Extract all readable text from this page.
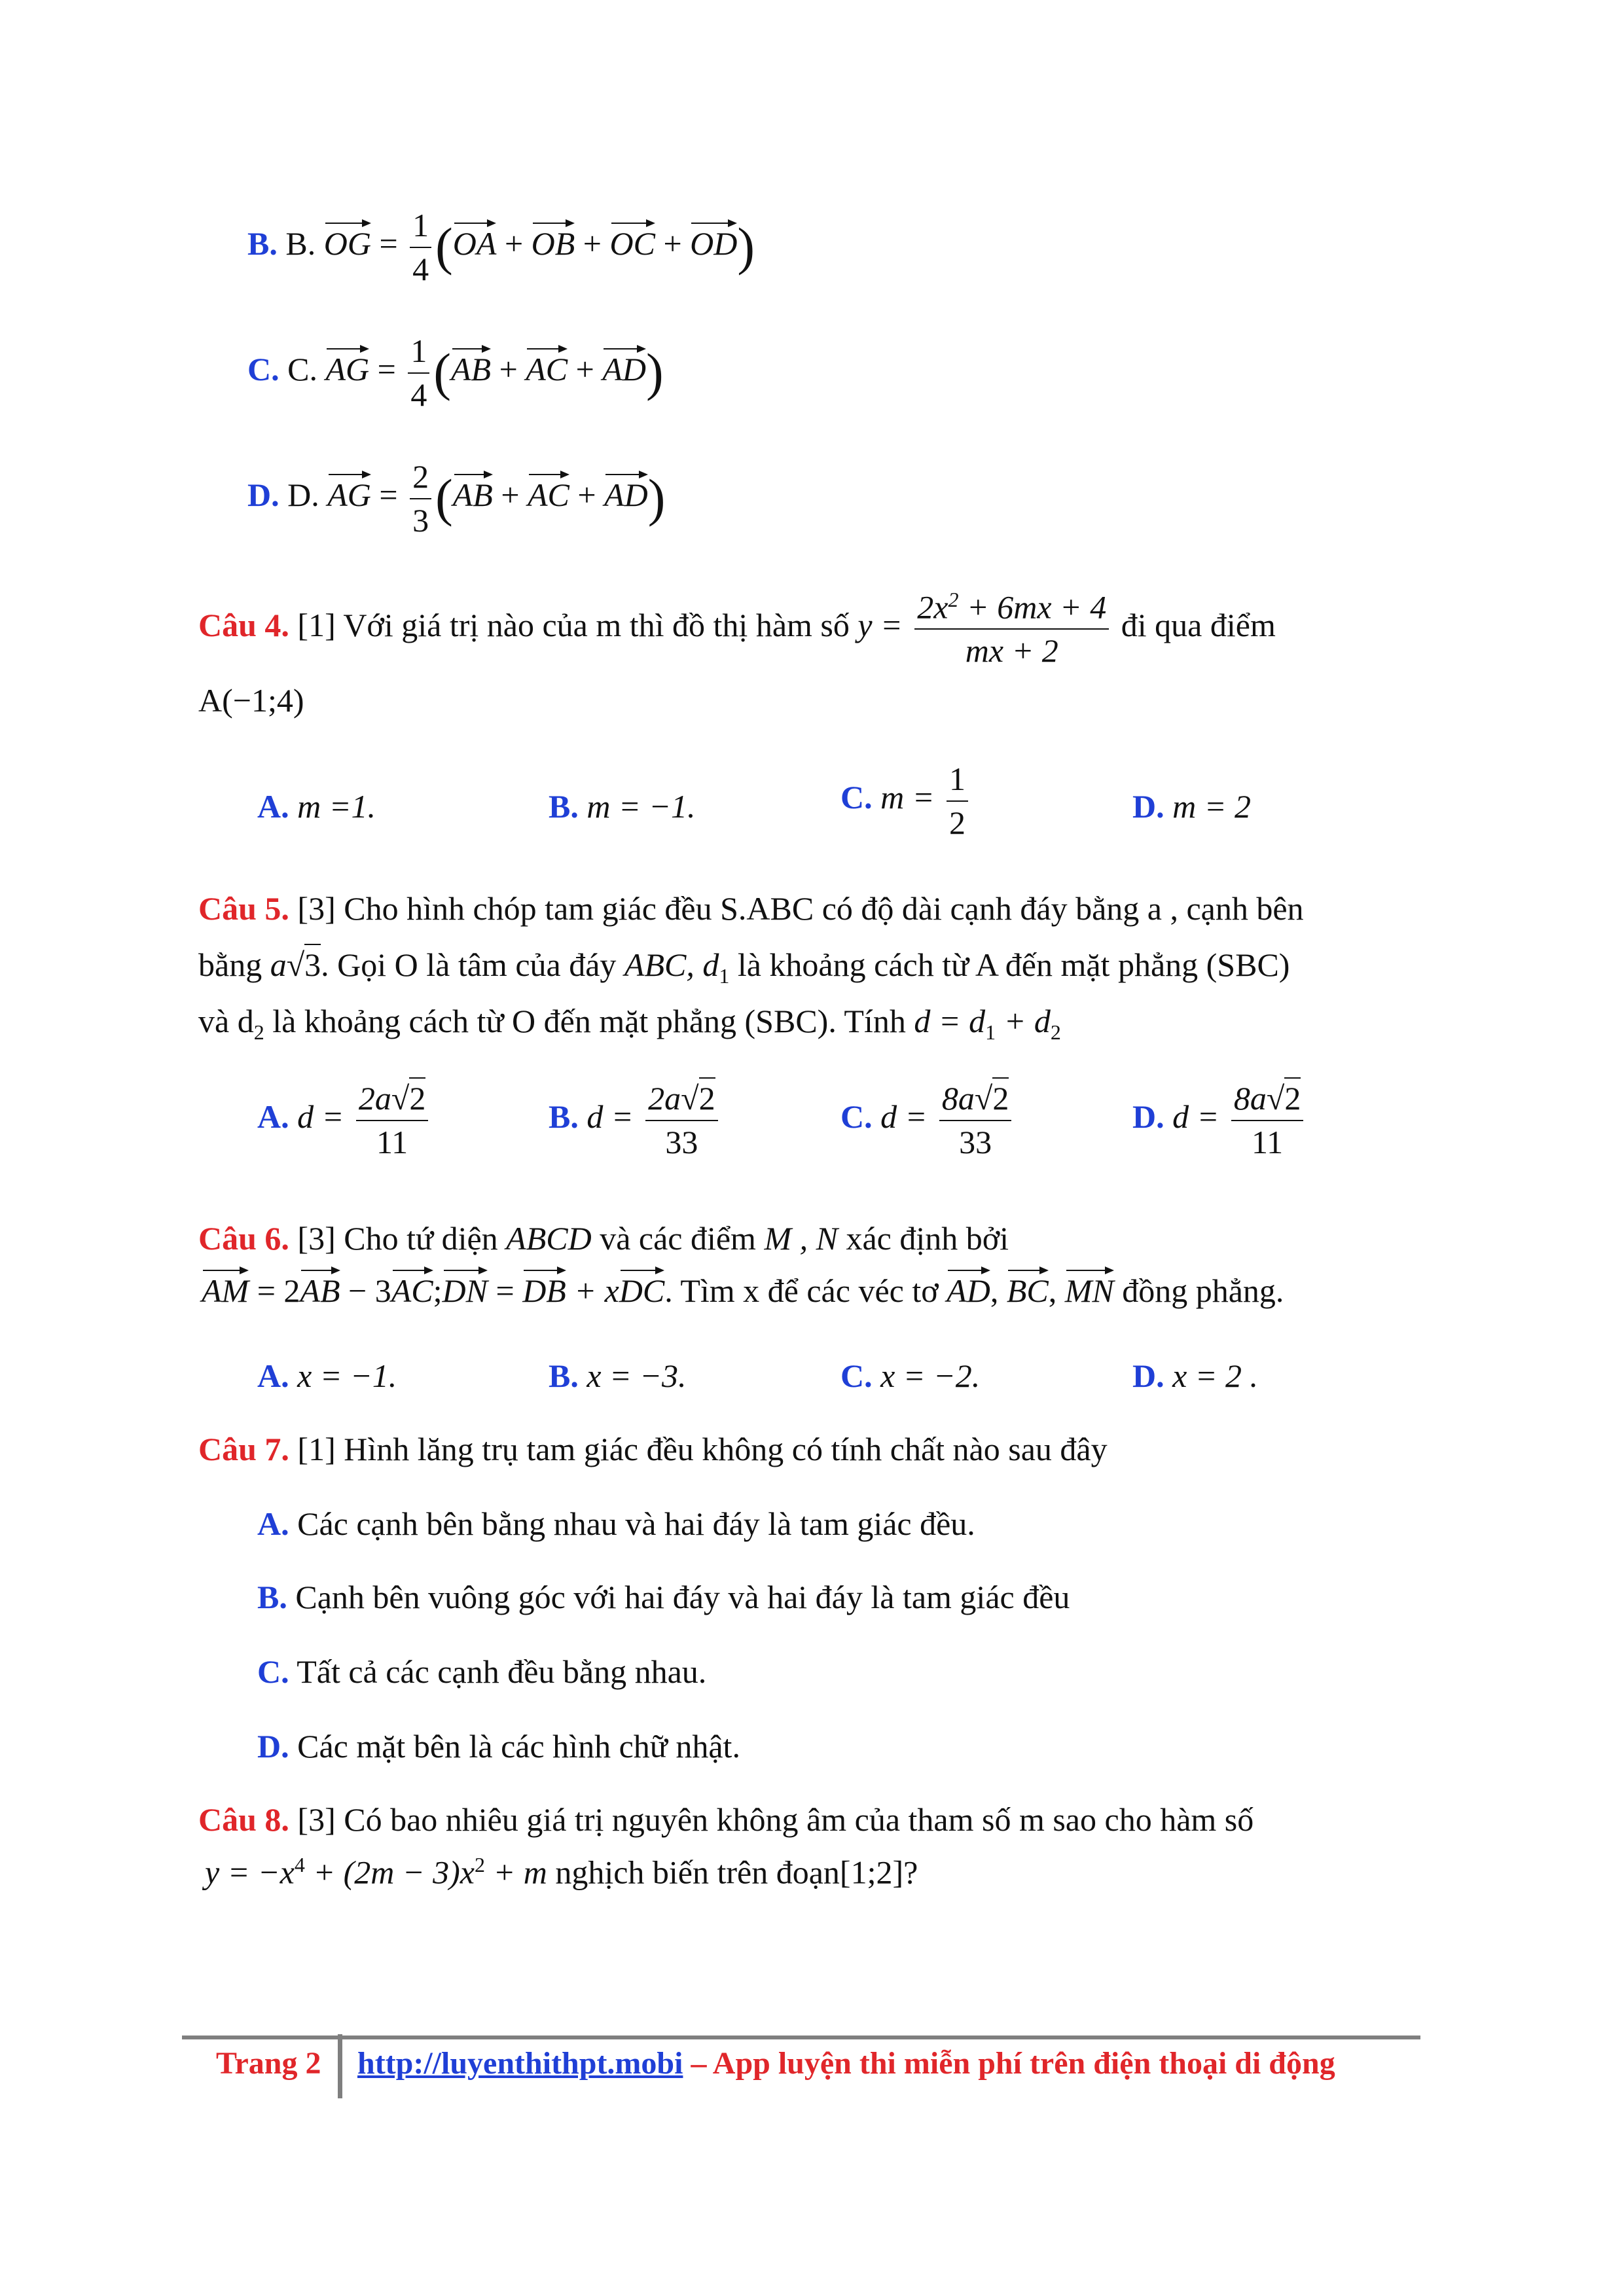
B. B. OG = $\frac{1}{4} (OA$ + OB + OC + OD)
C. C. AG = $\frac{1}{4} (AB$ + AC + AD)
D. D. AG = $\frac{2}{3} (AB$ + AC + AD)
Câu 4. [1] Với giá trị nào của m thì đồ thị hàm số $y = \frac{2x^2 + 6mx + 4}{mx + 2}$ đi qua điểm
A(−1;4)
A. m =1.	B. m = −1.	C. $m = \frac{1}{2}$	D. m = 2
Câu 5. [3] Cho hình chóp tam giác đều S.ABC có độ dài cạnh đáy bằng a , cạnh bên
bằng a√3. Gọi O là tâm của đáy ABC, $d_1$ là khoảng cách từ A đến mặt phẳng (SBC)
và $d_2$ là khoảng cách từ O đến mặt phẳng (SBC). Tính $d = d_1 + d_2$
A. $d = \frac{2a√2}{11}$	B. $d = \frac{2a√2}{33}$	C. $d = \frac{8a√2}{33}$	D. $d = \frac{8a√2}{11}$
Câu 6. [3] Cho tứ diện ABCD và các điểm M , N xác định bởi
AM = 2AB − 3AC;DN = DB + xDC. Tìm x để các véc tơ AD, BC, MN đồng phẳng.
A. x = −1.	B. x = −3.	C. x = −2.	D. x = 2 .
Câu 7. [1] Hình lăng trụ tam giác đều không có tính chất nào sau đây
A. Các cạnh bên bằng nhau và hai đáy là tam giác đều.
B. Cạnh bên vuông góc với hai đáy và hai đáy là tam giác đều
C. Tất cả các cạnh đều bằng nhau.
D. Các mặt bên là các hình chữ nhật.
Câu 8. [3] Có bao nhiêu giá trị nguyên không âm của tham số m sao cho hàm số
$y = -x^4 + (2m - 3)x^2 + m$ nghịch biến trên đoạn[1;2]?
Trang 2 http://luyenthithpt.mobi – App luyện thi miễn phí trên điện thoại di động
